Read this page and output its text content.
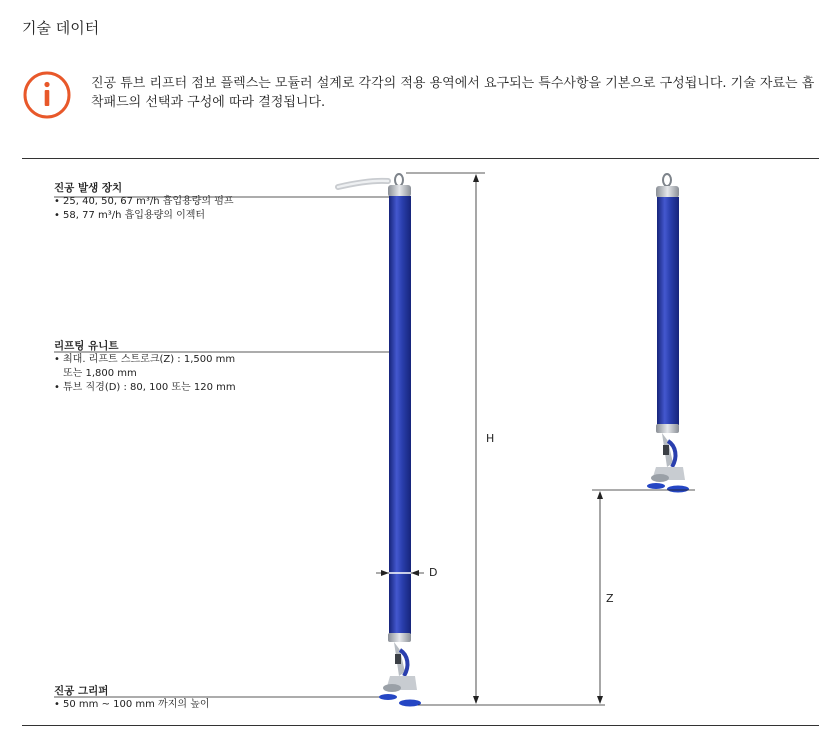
기술 데이터
진공 튜브 리프터 점보 플렉스는 모듈러 설계로 각각의 적용 용역에서 요구되는 특수사항을 기본으로 구성됩니다. 기술 자료는 흡착패드의 선택과 구성에 따라 결정됩니다.
진공 발생 장치
• 25, 40, 50, 67 m³/h 흡입용량의 펌프
• 58, 77 m³/h 흡입용량의 이젝터
리프팅 유니트
• 최대. 리프트 스트로크(Z) : 1,500 mm
또는 1,800 mm
• 튜브 직경(D) : 80, 100 또는 120 mm
진공 그리퍼
• 50 mm ~ 100 mm 까지의 높이
H
D
Z
